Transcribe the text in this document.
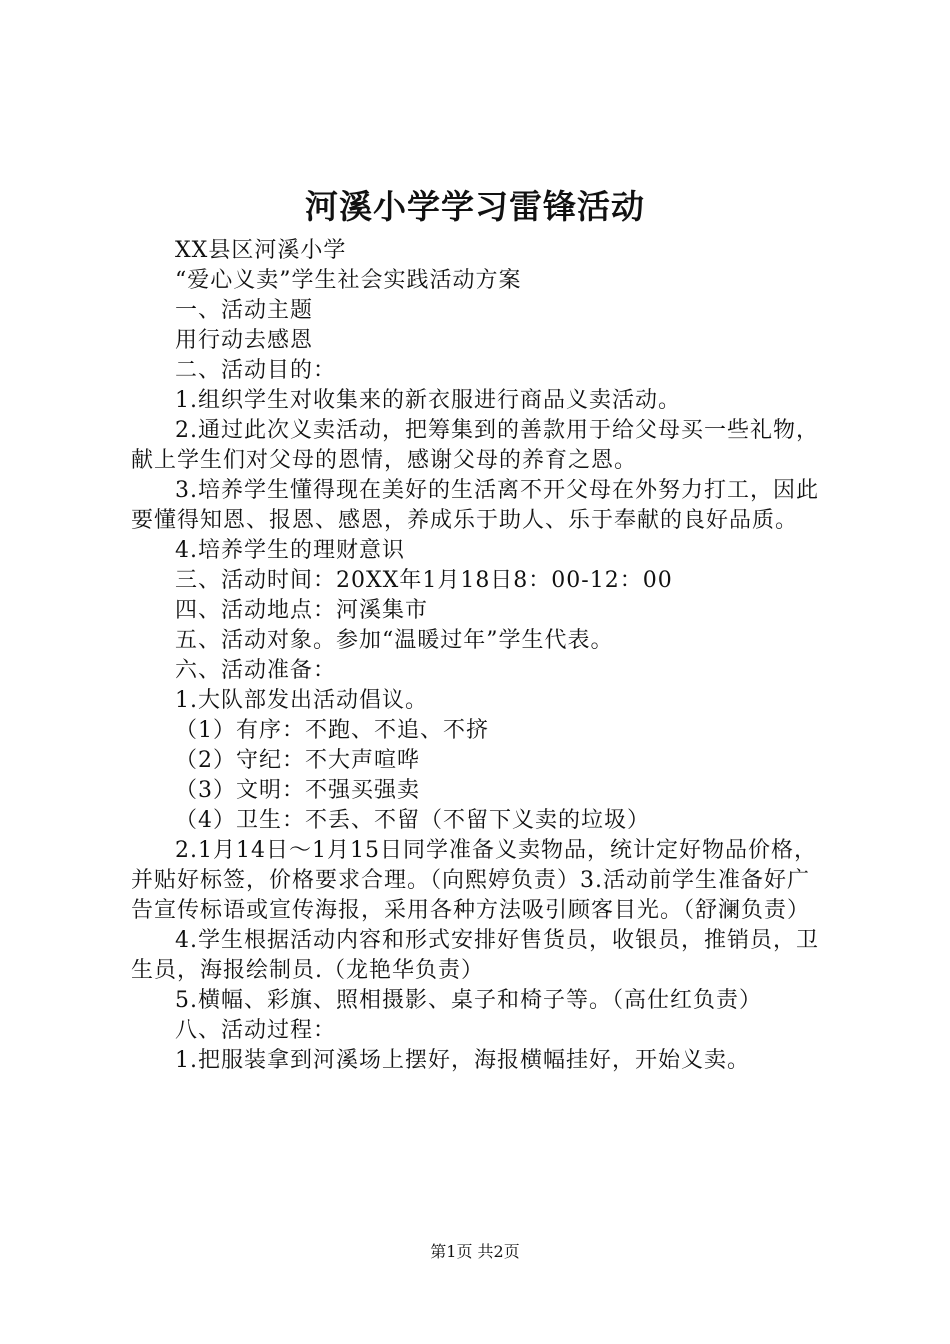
河溪小学学习雷锋活动

XX县区河溪小学

“爱心义卖”学生社会实践活动方案

一、活动主题

用行动去感恩

二、活动目的：

1.组织学生对收集来的新衣服进行商品义卖活动。

2.通过此次义卖活动，把筹集到的善款用于给父母买一些礼物，献上学生们对父母的恩情，感谢父母的养育之恩。

3.培养学生懂得现在美好的生活离不开父母在外努力打工，因此要懂得知恩、报恩、感恩，养成乐于助人、乐于奉献的良好品质。

4.培养学生的理财意识

三、活动时间：20XX年1月18日8：00-12：00

四、活动地点：河溪集市

五、活动对象。参加“温暖过年”学生代表。

六、活动准备：

1.大队部发出活动倡议。

（1）有序：不跑、不追、不挤

（2）守纪：不大声喧哗

（3）文明：不强买强卖

（4）卫生：不丢、不留（不留下义卖的垃圾）

2.1月14日～1月15日同学准备义卖物品，统计定好物品价格，并贴好标签，价格要求合理。（向熙婷负责）3.活动前学生准备好广告宣传标语或宣传海报，采用各种方法吸引顾客目光。（舒澜负责）

4.学生根据活动内容和形式安排好售货员，收银员，推销员，卫生员，海报绘制员.（龙艳华负责）

5.横幅、彩旗、照相摄影、桌子和椅子等。（高仕红负责）

八、活动过程：

1.把服装拿到河溪场上摆好，海报横幅挂好，开始义卖。

第1页 共2页
